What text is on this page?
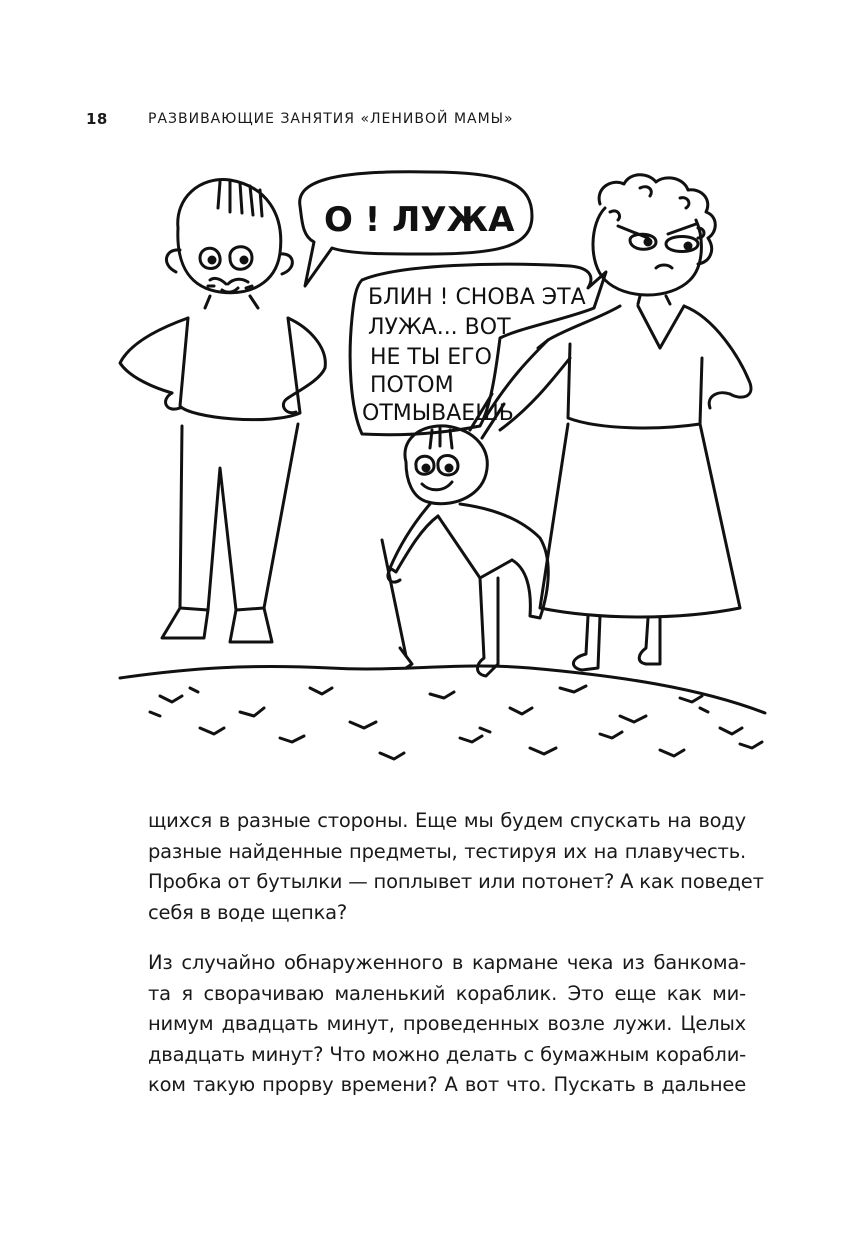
18	РАЗВИВАЮЩИЕ ЗАНЯТИЯ «ЛЕНИВОЙ МАМЫ»
О ! ЛУЖА
БЛИН ! СНОВА ЭТА
ЛУЖА... ВОТ
НЕ ТЫ ЕГО
ПОТОМ
ОТМЫВАЕШЬ
щихся в разные стороны. Еще мы будем спускать на воду
разные найденные предметы, тестируя их на плавучесть.
Пробка от бутылки — поплывет или потонет? А как поведет
себя в воде щепка?
Из случайно обнаруженного в кармане чека из банкома-
та я сворачиваю маленький кораблик. Это еще как ми-
нимум двадцать минут, проведенных возле лужи. Целых
двадцать минут? Что можно делать с бумажным корабли-
ком такую прорву времени? А вот что. Пускать в дальнее
